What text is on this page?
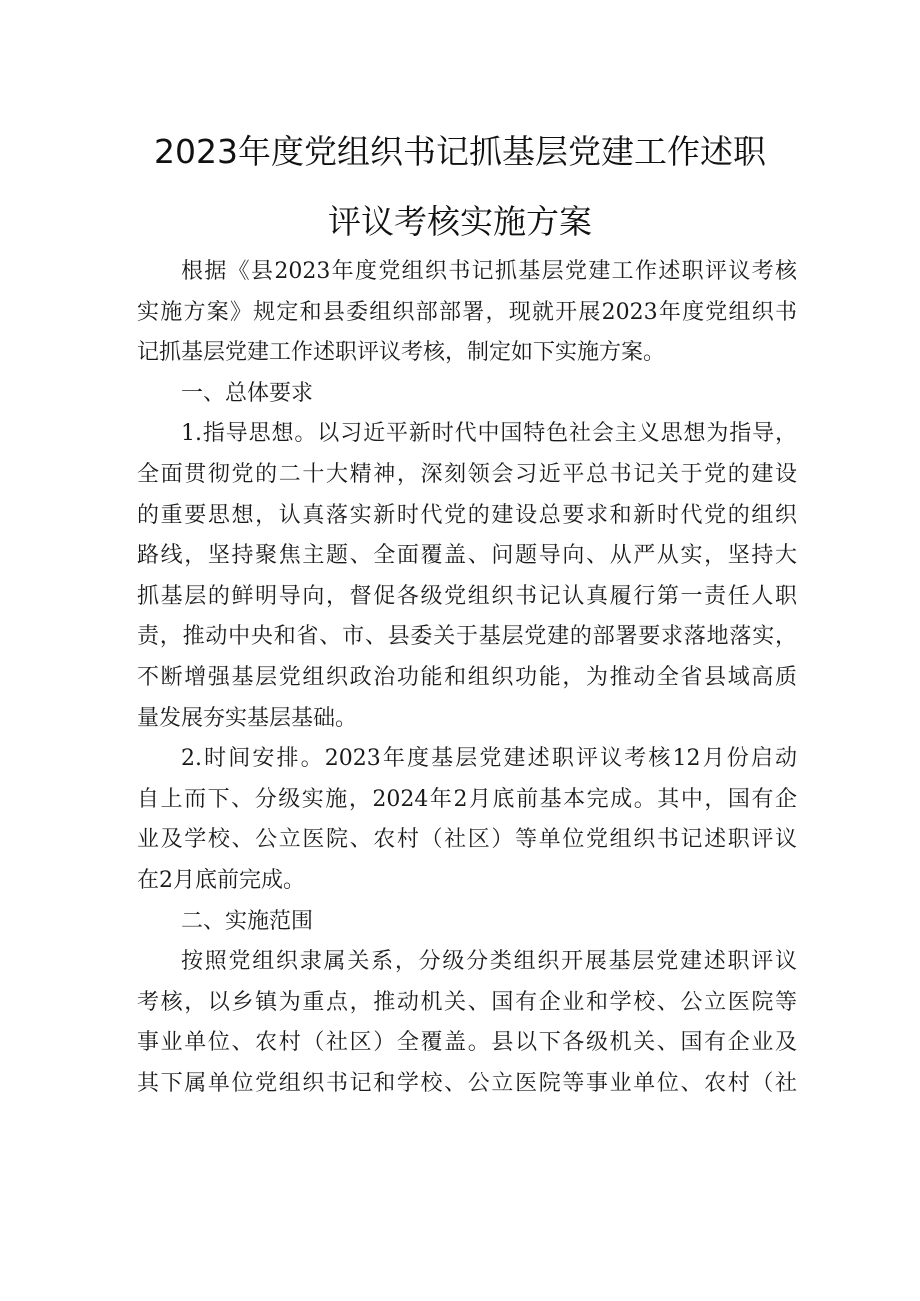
2023年度党组织书记抓基层党建工作述职
评议考核实施方案
根据《县2023年度党组织书记抓基层党建工作述职评议考核
实施方案》规定和县委组织部部署，现就开展2023年度党组织书
记抓基层党建工作述职评议考核，制定如下实施方案。
一、总体要求
1.指导思想。以习近平新时代中国特色社会主义思想为指导，
全面贯彻党的二十大精神，深刻领会习近平总书记关于党的建设
的重要思想，认真落实新时代党的建设总要求和新时代党的组织
路线，坚持聚焦主题、全面覆盖、问题导向、从严从实，坚持大
抓基层的鲜明导向，督促各级党组织书记认真履行第一责任人职
责，推动中央和省、市、县委关于基层党建的部署要求落地落实，
不断增强基层党组织政治功能和组织功能，为推动全省县域高质
量发展夯实基层基础。
2.时间安排。2023年度基层党建述职评议考核12月份启动
自上而下、分级实施，2024年2月底前基本完成。其中，国有企
业及学校、公立医院、农村（社区）等单位党组织书记述职评议
在2月底前完成。
二、实施范围
按照党组织隶属关系，分级分类组织开展基层党建述职评议
考核，以乡镇为重点，推动机关、国有企业和学校、公立医院等
事业单位、农村（社区）全覆盖。县以下各级机关、国有企业及
其下属单位党组织书记和学校、公立医院等事业单位、农村（社
